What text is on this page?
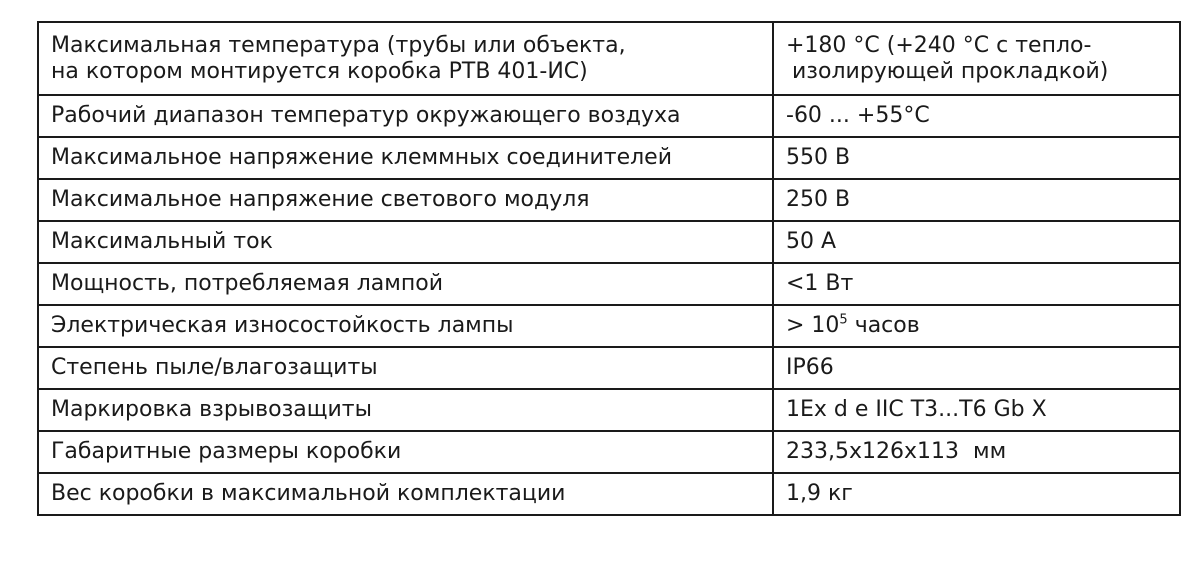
Максимальная температура (трубы или объекта,
на котором монтируется коробка РТВ 401-ИС)	+180 °C (+240 °C с тепло-
изолирующей прокладкой)

Рабочий диапазон температур окружающего воздуха	-60 ... +55°C
Максимальное напряжение клеммных соединителей	550 В
Максимальное напряжение светового модуля	250 В
Максимальный ток	50 А
Мощность, потребляемая лампой	<1 Вт
Электрическая износостойкость лампы	> $10^5$ часов
Степень пыле/влагозащиты	IP66
Маркировка взрывозащиты	1Ex d e IIC T3...T6 Gb X
Габаритные размеры коробки	233,5х126х113  мм
Вес коробки в максимальной комплектации	1,9 кг
